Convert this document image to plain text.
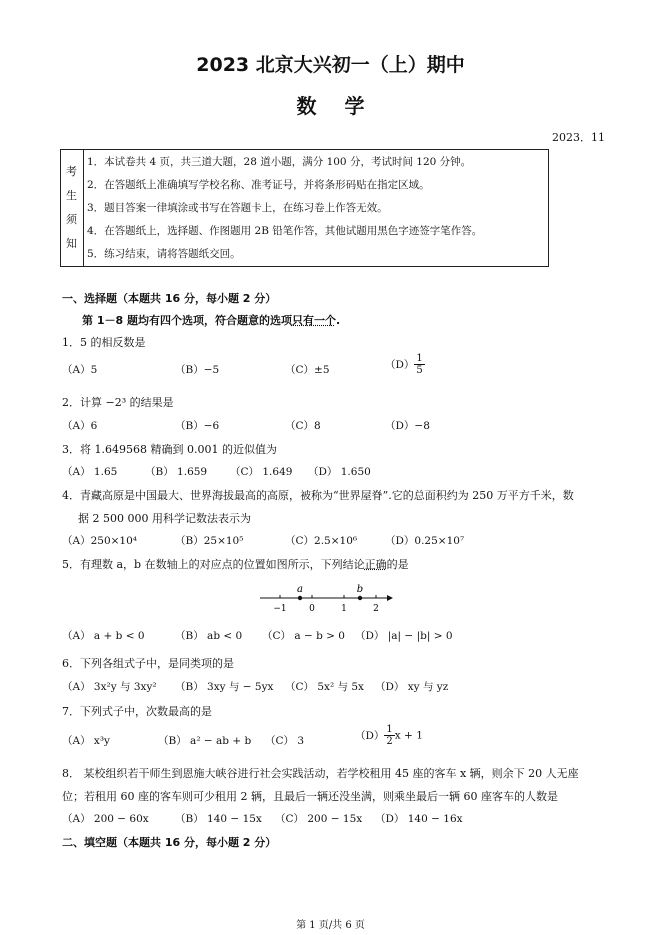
2023 北京大兴初一（上）期中
数学
2023．11
考
生
须
知
1．本试卷共 4 页，共三道大题，28 道小题，满分 100 分，考试时间 120 分钟。
2．在答题纸上准确填写学校名称、准考证号，并将条形码贴在指定区域。
3．题目答案一律填涂或书写在答题卡上，在练习卷上作答无效。
4．在答题纸上，选择题、作图题用 2B 铅笔作答，其他试题用黑色字迹签字笔作答。
5．练习结束，请将答题纸交回。
一、选择题（本题共 16 分，每小题 2 分）
第 1－8 题均有四个选项，符合题意的选项只有一个.
1．5 的相反数是
（A）5	（B）−5	（C）±5	$(D) \frac{1}{5}$
2．计算 −2³ 的结果是
（A）6	（B）−6	（C）8	（D）−8
3．将 1.649568 精确到 0.001 的近似值为
（A） 1.65	（B） 1.659 （C） 1.649 （D） 1.650
4．青藏高原是中国最大、世界海拔最高的高原，被称为“世界屋脊”.它的总面积约为 250 万平方千米，数
据 2 500 000 用科学记数法表示为
（A）250×10⁴	（B）25×10⁵	（C）2.5×10⁶	（D）0.25×10⁷
5．有理数 a，b 在数轴上的对应点的位置如图所示，下列结论正确的是
a	b
−1 0	1	2
（A） a + b < 0	（B） ab < 0 （C） a − b > 0 （D） |a| − |b| > 0
6．下列各组式子中，是同类项的是
（A） 3x²y 与 3xy² （B） 3xy 与 − 5yx （C） 5x² 与 5x （D） xy 与 yz
7．下列式子中，次数最高的是
（A） x³y	（B） a² − ab + b （C） 3	$(D) \frac{1}{2}$ x + 1
8． 某校组织若干师生到恩施大峡谷进行社会实践活动，若学校租用 45 座的客车 x 辆，则余下 20 人无座
位；若租用 60 座的客车则可少租用 2 辆，且最后一辆还没坐满，则乘坐最后一辆 60 座客车的人数是
（A） 200 − 60x	（B） 140 − 15x （C） 200 − 15x （D） 140 − 16x
二、填空题（本题共 16 分，每小题 2 分）
第 1 页/共 6 页
